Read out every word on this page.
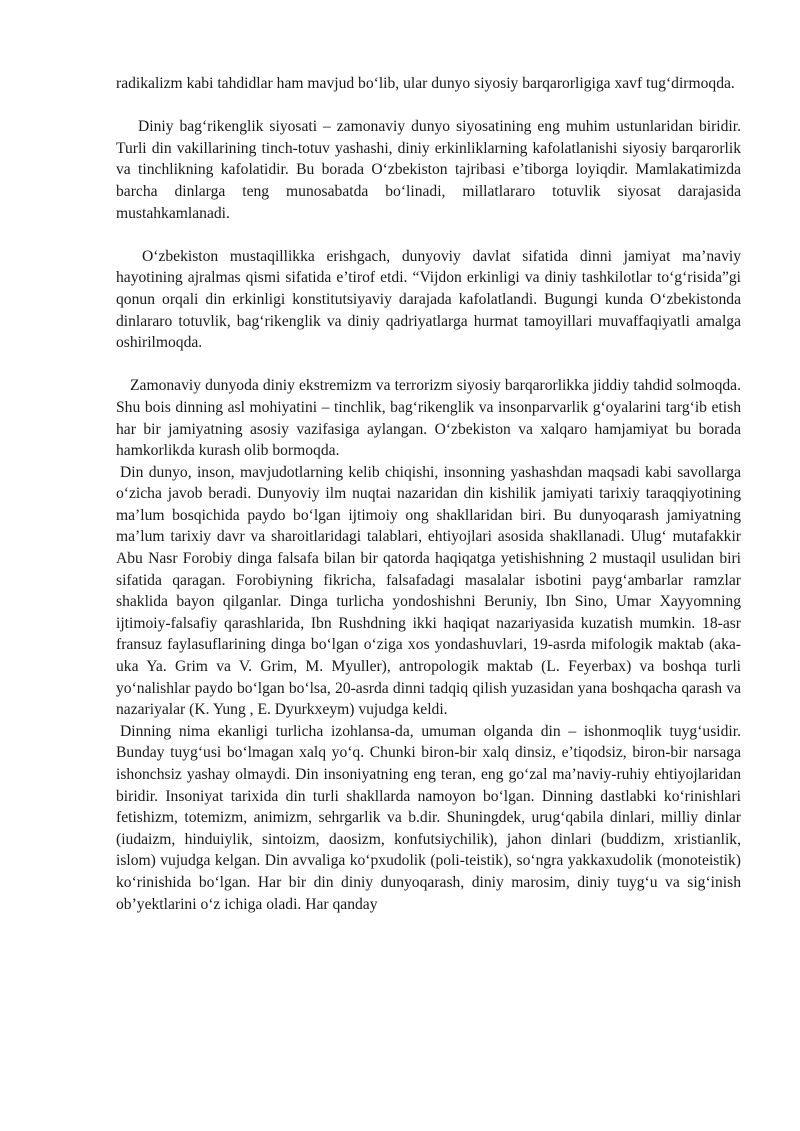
radikalizm kabi tahdidlar ham mavjud bo‘lib, ular dunyo siyosiy barqarorligiga xavf tug‘dirmoqda.

Diniy bag‘rikenglik siyosati – zamonaviy dunyo siyosatining eng muhim ustunlaridan biridir. Turli din vakillarining tinch-totuv yashashi, diniy erkinliklarning kafolatlanishi siyosiy barqarorlik va tinchlikning kafolatidir. Bu borada O‘zbekiston tajribasi e’tiborga loyiqdir. Mamlakatimizda barcha dinlarga teng munosabatda bo‘linadi, millatlararo totuvlik siyosat darajasida mustahkamlanadi.

O‘zbekiston mustaqillikka erishgach, dunyoviy davlat sifatida dinni jamiyat ma’naviy hayotining ajralmas qismi sifatida e’tirof etdi. “Vijdon erkinligi va diniy tashkilotlar to‘g‘risida”gi qonun orqali din erkinligi konstitutsiyaviy darajada kafolatlandi. Bugungi kunda O‘zbekistonda dinlararo totuvlik, bag‘rikenglik va diniy qadriyatlarga hurmat tamoyillari muvaffaqiyatli amalga oshirilmoqda.

Zamonaviy dunyoda diniy ekstremizm va terrorizm siyosiy barqarorlikka jiddiy tahdid solmoqda. Shu bois dinning asl mohiyatini – tinchlik, bag‘rikenglik va insonparvarlik g‘oyalarini targ‘ib etish har bir jamiyatning asosiy vazifasiga aylangan. O‘zbekiston va xalqaro hamjamiyat bu borada hamkorlikda kurash olib bormoqda.

Din dunyo, inson, mavjudotlarning kelib chiqishi, insonning yashashdan maqsadi kabi savollarga o‘zicha javob beradi. Dunyoviy ilm nuqtai nazaridan din kishilik jamiyati tarixiy taraqqiyotining ma’lum bosqichida paydo bo‘lgan ijtimoiy ong shakllaridan biri. Bu dunyoqarash jamiyatning ma’lum tarixiy davr va sharoitlaridagi talablari, ehtiyojlari asosida shakllanadi. Ulug‘ mutafakkir Abu Nasr Forobiy dinga falsafa bilan bir qatorda haqiqatga yetishishning 2 mustaqil usulidan biri sifatida qaragan. Forobiyning fikricha, falsafadagi masalalar isbotini payg‘ambarlar ramzlar shaklida bayon qilganlar. Dinga turlicha yondoshishni Beruniy, Ibn Sino, Umar Xayyomning ijtimoiy-falsafiy qarashlarida, Ibn Rushdning ikki haqiqat nazariyasida kuzatish mumkin. 18-asr fransuz faylasuflarining dinga bo‘lgan o‘ziga xos yondashuvlari, 19-asrda mifologik maktab (aka-uka Ya. Grim va V. Grim, M. Myuller), antropologik maktab (L. Feyerbax) va boshqa turli yo‘nalishlar paydo bo‘lgan bo‘lsa, 20-asrda dinni tadqiq qilish yuzasidan yana boshqacha qarash va nazariyalar (K. Yung , E. Dyurkxeym) vujudga keldi.

Dinning nima ekanligi turlicha izohlansa-da, umuman olganda din – ishonmoqlik tuyg‘usidir. Bunday tuyg‘usi bo‘lmagan xalq yo‘q. Chunki biron-bir xalq dinsiz, e’tiqodsiz, biron-bir narsaga ishonchsiz yashay olmaydi. Din insoniyatning eng teran, eng go‘zal ma’naviy-ruhiy ehtiyojlaridan biridir. Insoniyat tarixida din turli shakllarda namoyon bo‘lgan. Dinning dastlabki ko‘rinishlari fetishizm, totemizm, animizm, sehrgarlik va b.dir. Shuningdek, urug‘qabila dinlari, milliy dinlar (iudaizm, hinduiylik, sintoizm, daosizm, konfutsiychilik), jahon dinlari (buddizm, xristianlik, islom) vujudga kelgan. Din avvaliga ko‘pxudolik (poli-teistik), so‘ngra yakkaxudolik (monoteistik) ko‘rinishida bo‘lgan. Har bir din diniy dunyoqarash, diniy marosim, diniy tuyg‘u va sig‘inish ob’yektlarini o‘z ichiga oladi. Har qanday
